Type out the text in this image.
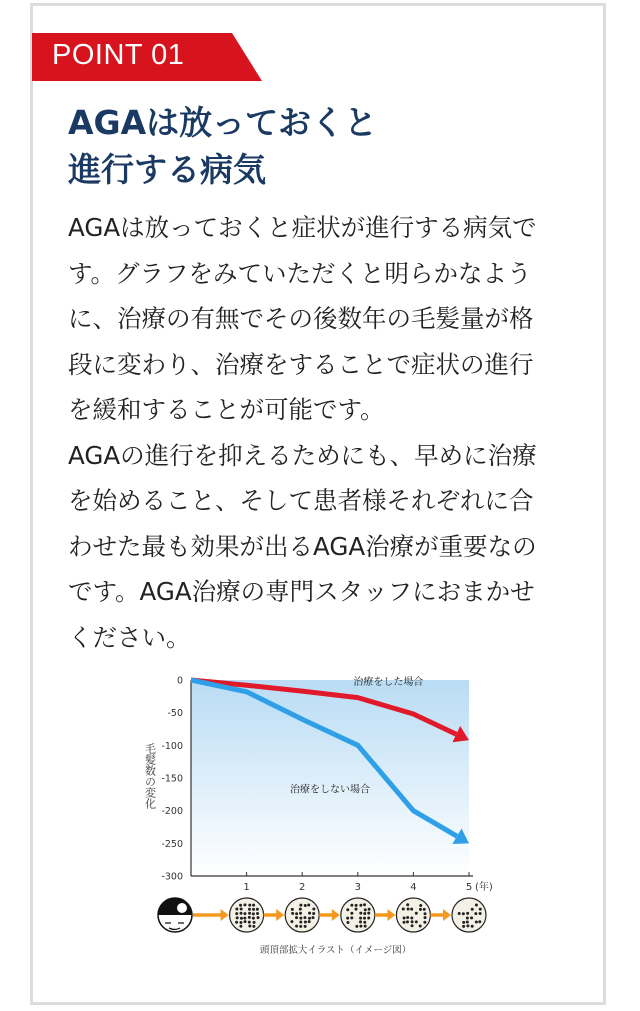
POINT 01
AGAは放っておくと
進行する病気
AGAは放っておくと症状が進行する病気で
す。グラフをみていただくと明らかなよう
に、治療の有無でその後数年の毛髪量が格
段に変わり、治療をすることで症状の進行
を緩和することが可能です。
AGAの進行を抑えるためにも、早めに治療
を始めること、そして患者様それぞれに合
わせた最も効果が出るAGA治療が重要なの
です。AGA治療の専門スタッフにおまかせ
ください。
0
-50
-100
-150
-200
-250
-300
毛髪数の変化
1	2	3	4	5 (年)
治療をした場合
治療をしない場合
頭頂部拡大イラスト（イメージ図）
